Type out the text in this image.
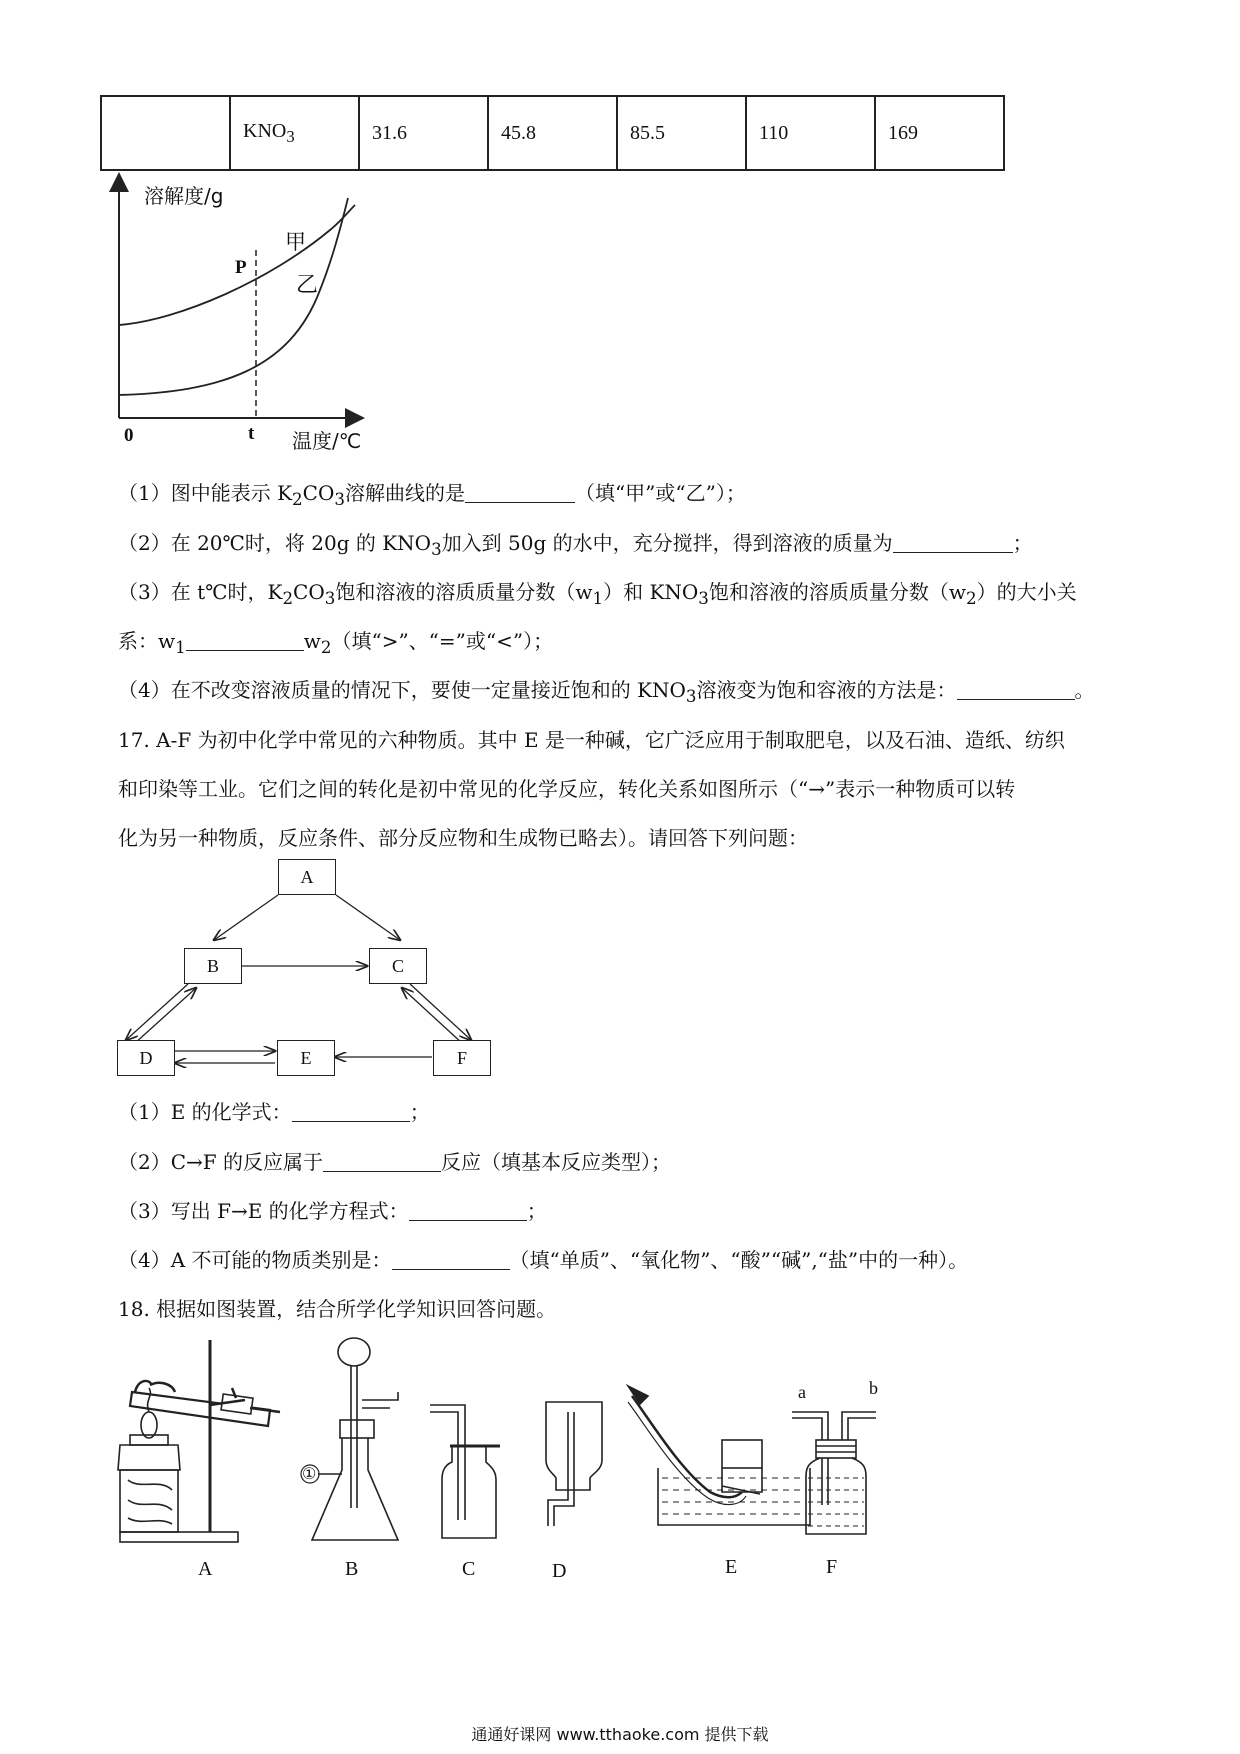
	$KNO_3$	31.6	45.8	85.5	110	169
溶解度/g
温度/℃
0	t
P
甲
乙
（1）图中能表示 $K_2CO_3$溶解曲线的是	（填“甲”或“乙”）；
（2）在 20℃时，将 20g 的 $KNO_3$加入到 50g 的水中，充分搅拌，得到溶液的质量为	；
（3）在 t℃时，$K_2CO_3$饱和溶液的溶质质量分数$(w_1)$和 $KNO_3$饱和溶液的溶质质量分数$(w_2)$的大小关
系：$w_1$	$w_2$（填“>”、“=”或“<”）；
（4）在不改变溶液质量的情况下，要使一定量接近饱和的 $KNO_3$溶液变为饱和容液的方法是：	。
17. A-F 为初中化学中常见的六种物质。其中 E 是一种碱，它广泛应用于制取肥皂，以及石油、造纸、纺织
和印染等工业。它们之间的转化是初中常见的化学反应，转化关系如图所示（“→”表示一种物质可以转
化为另一种物质，反应条件、部分反应物和生成物已略去）。请回答下列问题：
A
B	C
D	E	F
（1）E 的化学式：	；
（2）C→F 的反应属于	反应（填基本反应类型）；
（3）写出 F→E 的化学方程式：	；
（4）A 不可能的物质类别是：	（填“单质”、“氧化物”、“酸”“碱”,“盐”中的一种）。
18. 根据如图装置，结合所学化学知识回答问题。
A	B	C	D	E	F
①
a	b
通通好课网 www.tthaoke.com 提供下载
